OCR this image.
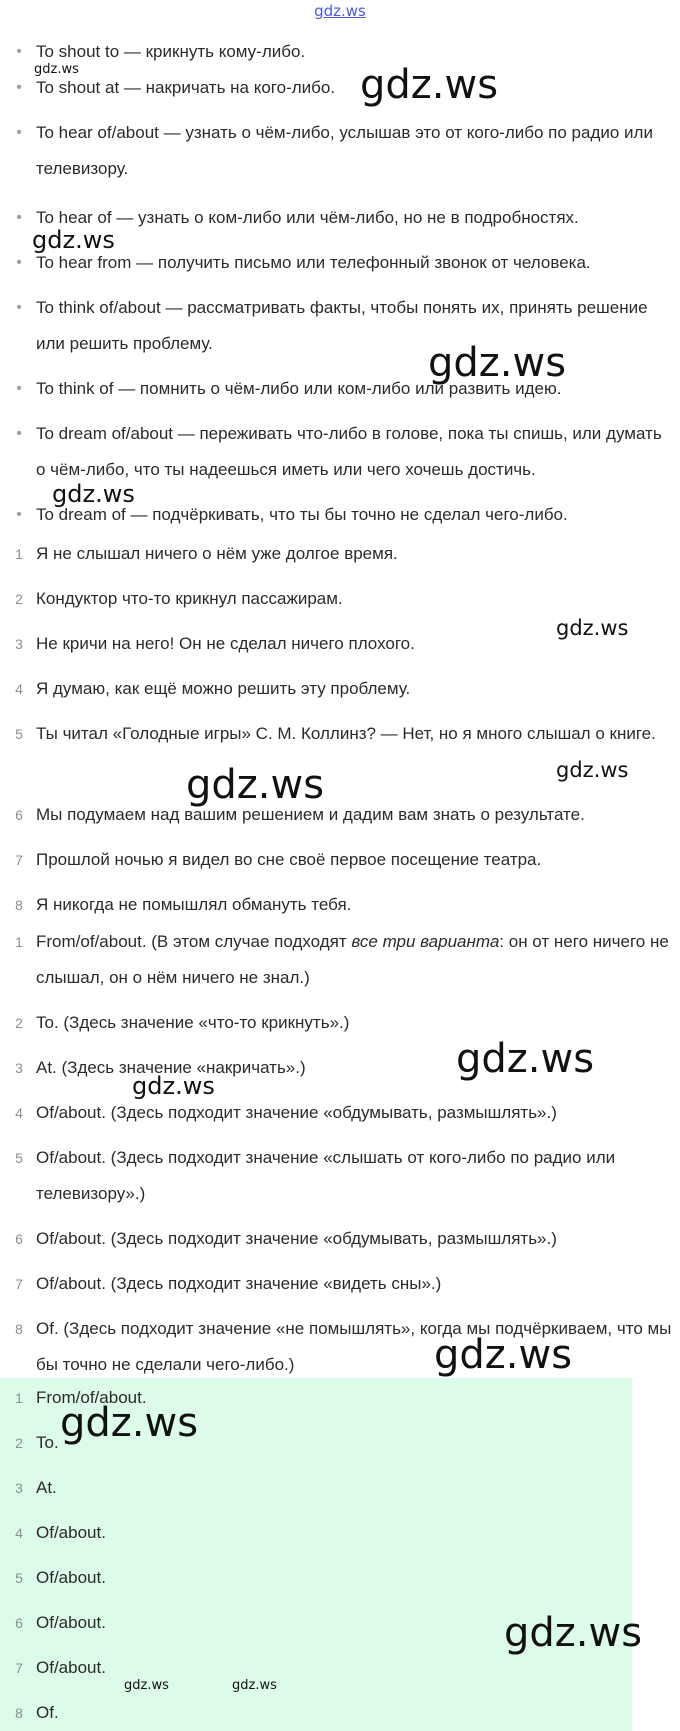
gdz.ws
• To shout to — крикнуть кому-либо.
• To shout at — накричать на кого-либо.
• To hear of/about — узнать о чём-либо, услышав это от кого-либо по радио или телевизору.
• To hear of — узнать о ком-либо или чём-либо, но не в подробностях.
• To hear from — получить письмо или телефонный звонок от человека.
• To think of/about — рассматривать факты, чтобы понять их, принять решение или решить проблему.
• To think of — помнить о чём-либо или ком-либо или развить идею.
• To dream of/about — переживать что-либо в голове, пока ты спишь, или думать о чём-либо, что ты надеешься иметь или чего хочешь достичь.
• To dream of — подчёркивать, что ты бы точно не сделал чего-либо.
1 Я не слышал ничего о нём уже долгое время.
2 Кондуктор что-то крикнул пассажирам.
3 Не кричи на него! Он не сделал ничего плохого.
4 Я думаю, как ещё можно решить эту проблему.
5 Ты читал «Голодные игры» С. М. Коллинз? — Нет, но я много слышал о книге.
6 Мы подумаем над вашим решением и дадим вам знать о результате.
7 Прошлой ночью я видел во сне своё первое посещение театра.
8 Я никогда не помышлял обмануть тебя.
1 From/of/about. (В этом случае подходят все три варианта: он от него ничего не слышал, он о нём ничего не знал.)
2 To. (Здесь значение «что-то крикнуть».)
3 At. (Здесь значение «накричать».)
4 Of/about. (Здесь подходит значение «обдумывать, размышлять».)
5 Of/about. (Здесь подходит значение «слышать от кого-либо по радио или телевизору».)
6 Of/about. (Здесь подходит значение «обдумывать, размышлять».)
7 Of/about. (Здесь подходит значение «видеть сны».)
8 Of. (Здесь подходит значение «не помышлять», когда мы подчёркиваем, что мы бы точно не сделали чего-либо.)
1 From/of/about.
2 To.
3 At.
4 Of/about.
5 Of/about.
6 Of/about.
7 Of/about.
8 Of.
gdz.ws	gdz.ws
gdz.ws
gdz.ws
gdz.ws
gdz.ws
gdz.ws
gdz.ws
gdz.ws
gdz.ws
gdz.ws
gdz.ws
gdz.ws
gdz.ws	gdz.ws
